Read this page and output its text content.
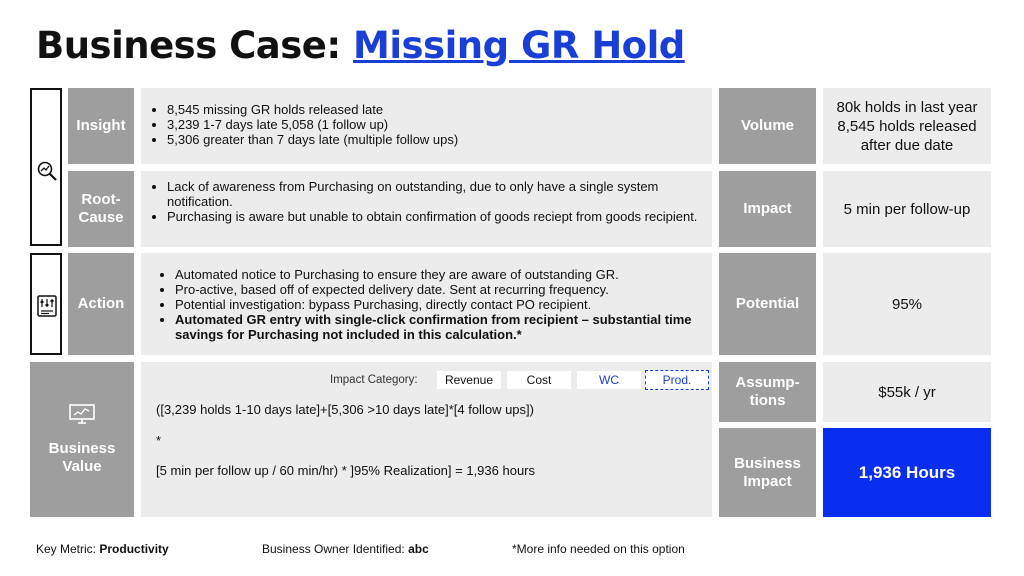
Business Case: Missing GR Hold
Insight
• 8,545 missing GR holds released late
• 3,239 1-7 days late 5,058 (1 follow up)
• 5,306 greater than 7 days late (multiple follow ups)
Root-Cause
• Lack of awareness from Purchasing on outstanding, due to only have a single system notification.
• Purchasing is aware but unable to obtain confirmation of goods reciept from goods recipient.
Action
• Automated notice to Purchasing to ensure they are aware of outstanding GR.
• Pro-active, based off of expected delivery date. Sent at recurring frequency.
• Potential investigation: bypass Purchasing, directly contact PO recipient.
• Automated GR entry with single-click confirmation from recipient – substantial time savings for Purchasing not included in this calculation.*
Business Value
Impact Category:	Revenue	Cost	WC	Prod.
([3,239 holds 1-10 days late]+[5,306 >10 days late]*[4 follow ups])
*
[5 min per follow up / 60 min/hr) * ]95% Realization] = 1,936 hours
Volume
80k holds in last year 8,545 holds released after due date
Impact	5 min per follow-up
Potential	95%
Assump-tions	$55k / yr
Business Impact	1,936 Hours
Key Metric: Productivity	Business Owner Identified: abc	*More info needed on this option
